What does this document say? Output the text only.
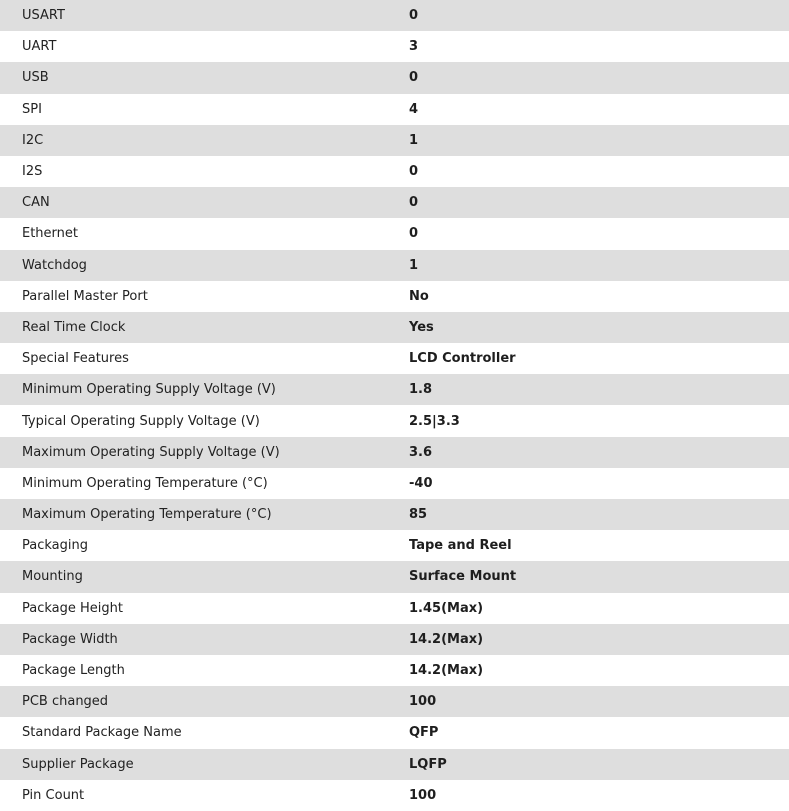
USART	0
UART	3
USB	0
SPI	4
I2C	1
I2S	0
CAN	0
Ethernet	0
Watchdog	1
Parallel Master Port	No
Real Time Clock	Yes
Special Features	LCD Controller
Minimum Operating Supply Voltage (V)	1.8
Typical Operating Supply Voltage (V)	2.5|3.3
Maximum Operating Supply Voltage (V)	3.6
Minimum Operating Temperature (°C)	-40
Maximum Operating Temperature (°C)	85
Packaging	Tape and Reel
Mounting	Surface Mount
Package Height	1.45(Max)
Package Width	14.2(Max)
Package Length	14.2(Max)
PCB changed	100
Standard Package Name	QFP
Supplier Package	LQFP
Pin Count	100
